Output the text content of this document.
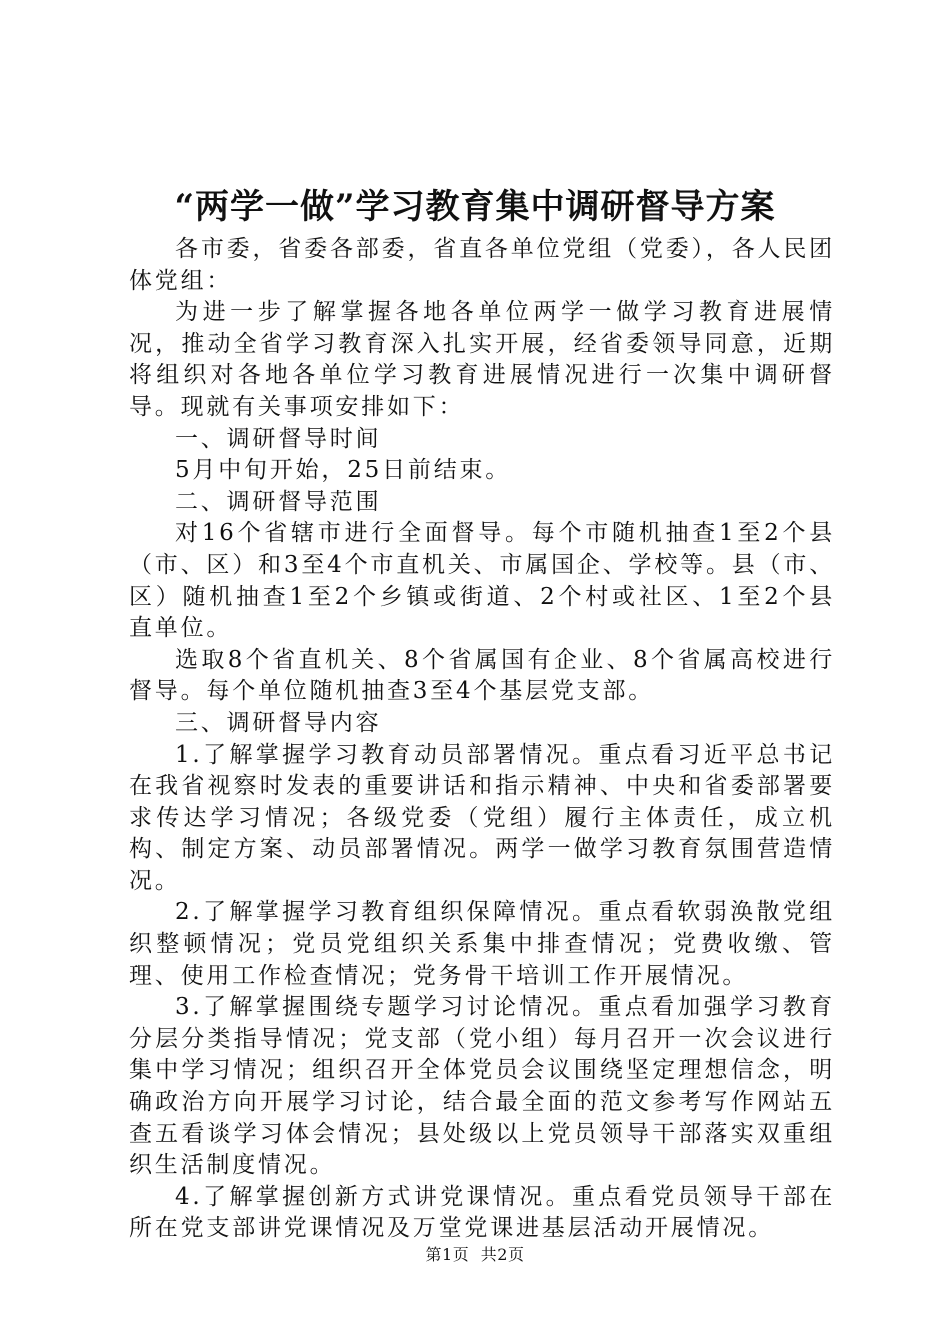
“两学一做”学习教育集中调研督导方案

各市委，省委各部委，省直各单位党组（党委），各人民团体党组：

为进一步了解掌握各地各单位两学一做学习教育进展情况，推动全省学习教育深入扎实开展，经省委领导同意，近期将组织对各地各单位学习教育进展情况进行一次集中调研督导。现就有关事项安排如下：

一、调研督导时间

5月中旬开始，25日前结束。

二、调研督导范围

对16个省辖市进行全面督导。每个市随机抽查1至2个县（市、区）和3至4个市直机关、市属国企、学校等。县（市、区）随机抽查1至2个乡镇或街道、2个村或社区、1至2个县直单位。

选取8个省直机关、8个省属国有企业、8个省属高校进行督导。每个单位随机抽查3至4个基层党支部。

三、调研督导内容

1.了解掌握学习教育动员部署情况。重点看习近平总书记在我省视察时发表的重要讲话和指示精神、中央和省委部署要求传达学习情况；各级党委（党组）履行主体责任，成立机构、制定方案、动员部署情况。两学一做学习教育氛围营造情况。

2.了解掌握学习教育组织保障情况。重点看软弱涣散党组织整顿情况；党员党组织关系集中排查情况；党费收缴、管理、使用工作检查情况；党务骨干培训工作开展情况。

3.了解掌握围绕专题学习讨论情况。重点看加强学习教育分层分类指导情况；党支部（党小组）每月召开一次会议进行集中学习情况；组织召开全体党员会议围绕坚定理想信念，明确政治方向开展学习讨论，结合最全面的范文参考写作网站五查五看谈学习体会情况；县处级以上党员领导干部落实双重组织生活制度情况。

4.了解掌握创新方式讲党课情况。重点看党员领导干部在所在党支部讲党课情况及万堂党课进基层活动开展情况。

第1页 共2页
